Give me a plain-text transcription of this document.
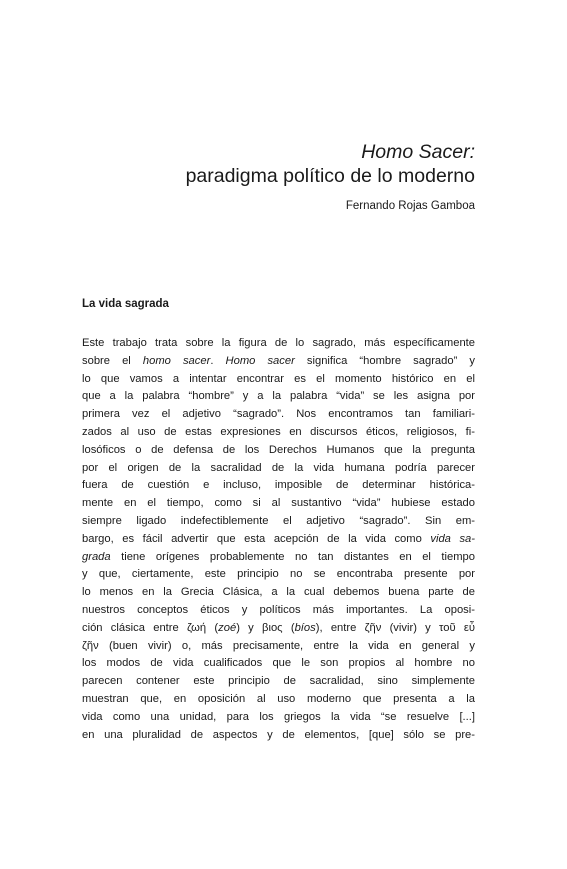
Homo Sacer:
paradigma político de lo moderno
Fernando Rojas Gamboa
La vida sagrada
Este trabajo trata sobre la figura de lo sagrado, más específicamente
sobre el homo sacer. Homo sacer significa “hombre sagrado” y
lo que vamos a intentar encontrar es el momento histórico en el
que a la palabra “hombre” y a la palabra “vida” se les asigna por
primera vez el adjetivo “sagrado”. Nos encontramos tan familiari-
zados al uso de estas expresiones en discursos éticos, religiosos, fi-
losóficos o de defensa de los Derechos Humanos que la pregunta
por el origen de la sacralidad de la vida humana podría parecer
fuera de cuestión e incluso, imposible de determinar histórica-
mente en el tiempo, como si al sustantivo “vida” hubiese estado
siempre ligado indefectiblemente el adjetivo “sagrado”. Sin em-
bargo, es fácil advertir que esta acepción de la vida como vida sa-
grada tiene orígenes probablemente no tan distantes en el tiempo
y que, ciertamente, este principio no se encontraba presente por
lo menos en la Grecia Clásica, a la cual debemos buena parte de
nuestros conceptos éticos y políticos más importantes. La oposi-
ción clásica entre ζωή (zoé) y βιος (bíos), entre ζῆν (vivir) y τοῦ εὖ
ζῆν (buen vivir) o, más precisamente, entre la vida en general y
los modos de vida cualificados que le son propios al hombre no
parecen contener este principio de sacralidad, sino simplemente
muestran que, en oposición al uso moderno que presenta a la
vida como una unidad, para los griegos la vida “se resuelve [...]
en una pluralidad de aspectos y de elementos, [que] sólo se pre-
